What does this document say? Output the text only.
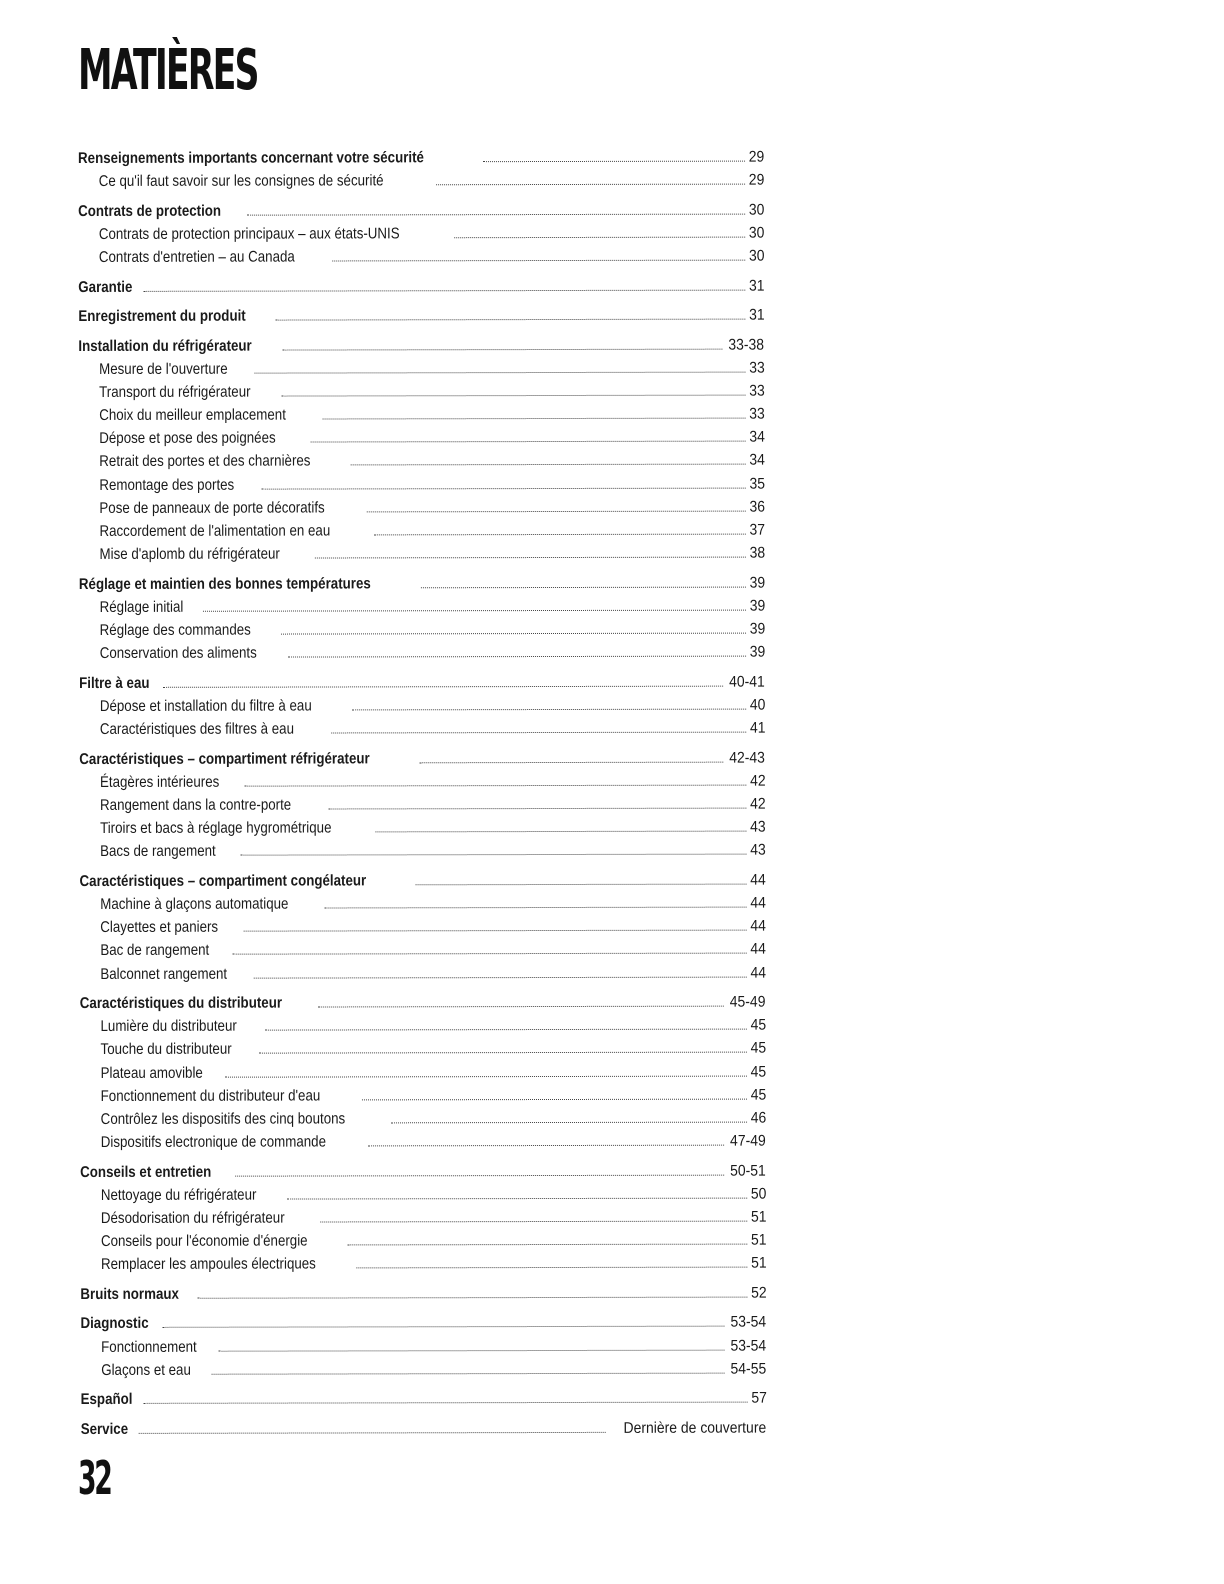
MATIÈRES
Renseignements importants concernant votre sécurité	29
Ce qu'il faut savoir sur les consignes de sécurité	29
Contrats de protection	30
Contrats de protection principaux – aux états-UNIS	30
Contrats d'entretien – au Canada	30
Garantie	31
Enregistrement du produit	31
Installation du réfrigérateur	33-38
Mesure de l'ouverture	33
Transport du réfrigérateur	33
Choix du meilleur emplacement	33
Dépose et pose des poignées	34
Retrait des portes et des charnières	34
Remontage des portes	35
Pose de panneaux de porte décoratifs	36
Raccordement de l'alimentation en eau	37
Mise d'aplomb du réfrigérateur	38
Réglage et maintien des bonnes températures	39
Réglage initial	39
Réglage des commandes	39
Conservation des aliments	39
Filtre à eau	40-41
Dépose et installation du filtre à eau	40
Caractéristiques des filtres à eau	41
Caractéristiques – compartiment réfrigérateur	42-43
Étagères intérieures	42
Rangement dans la contre-porte	42
Tiroirs et bacs à réglage hygrométrique	43
Bacs de rangement	43
Caractéristiques – compartiment congélateur	44
Machine à glaçons automatique	44
Clayettes et paniers	44
Bac de rangement	44
Balconnet rangement	44
Caractéristiques du distributeur	45-49
Lumière du distributeur	45
Touche du distributeur	45
Plateau amovible	45
Fonctionnement du distributeur d'eau	45
Contrôlez les dispositifs des cinq boutons	46
Dispositifs electronique de commande	47-49
Conseils et entretien	50-51
Nettoyage du réfrigérateur	50
Désodorisation du réfrigérateur	51
Conseils pour l'économie d'énergie	51
Remplacer les ampoules électriques	51
Bruits normaux	52
Diagnostic	53-54
Fonctionnement	53-54
Glaçons et eau	54-55
Español	57
Service	Dernière de couverture
32
